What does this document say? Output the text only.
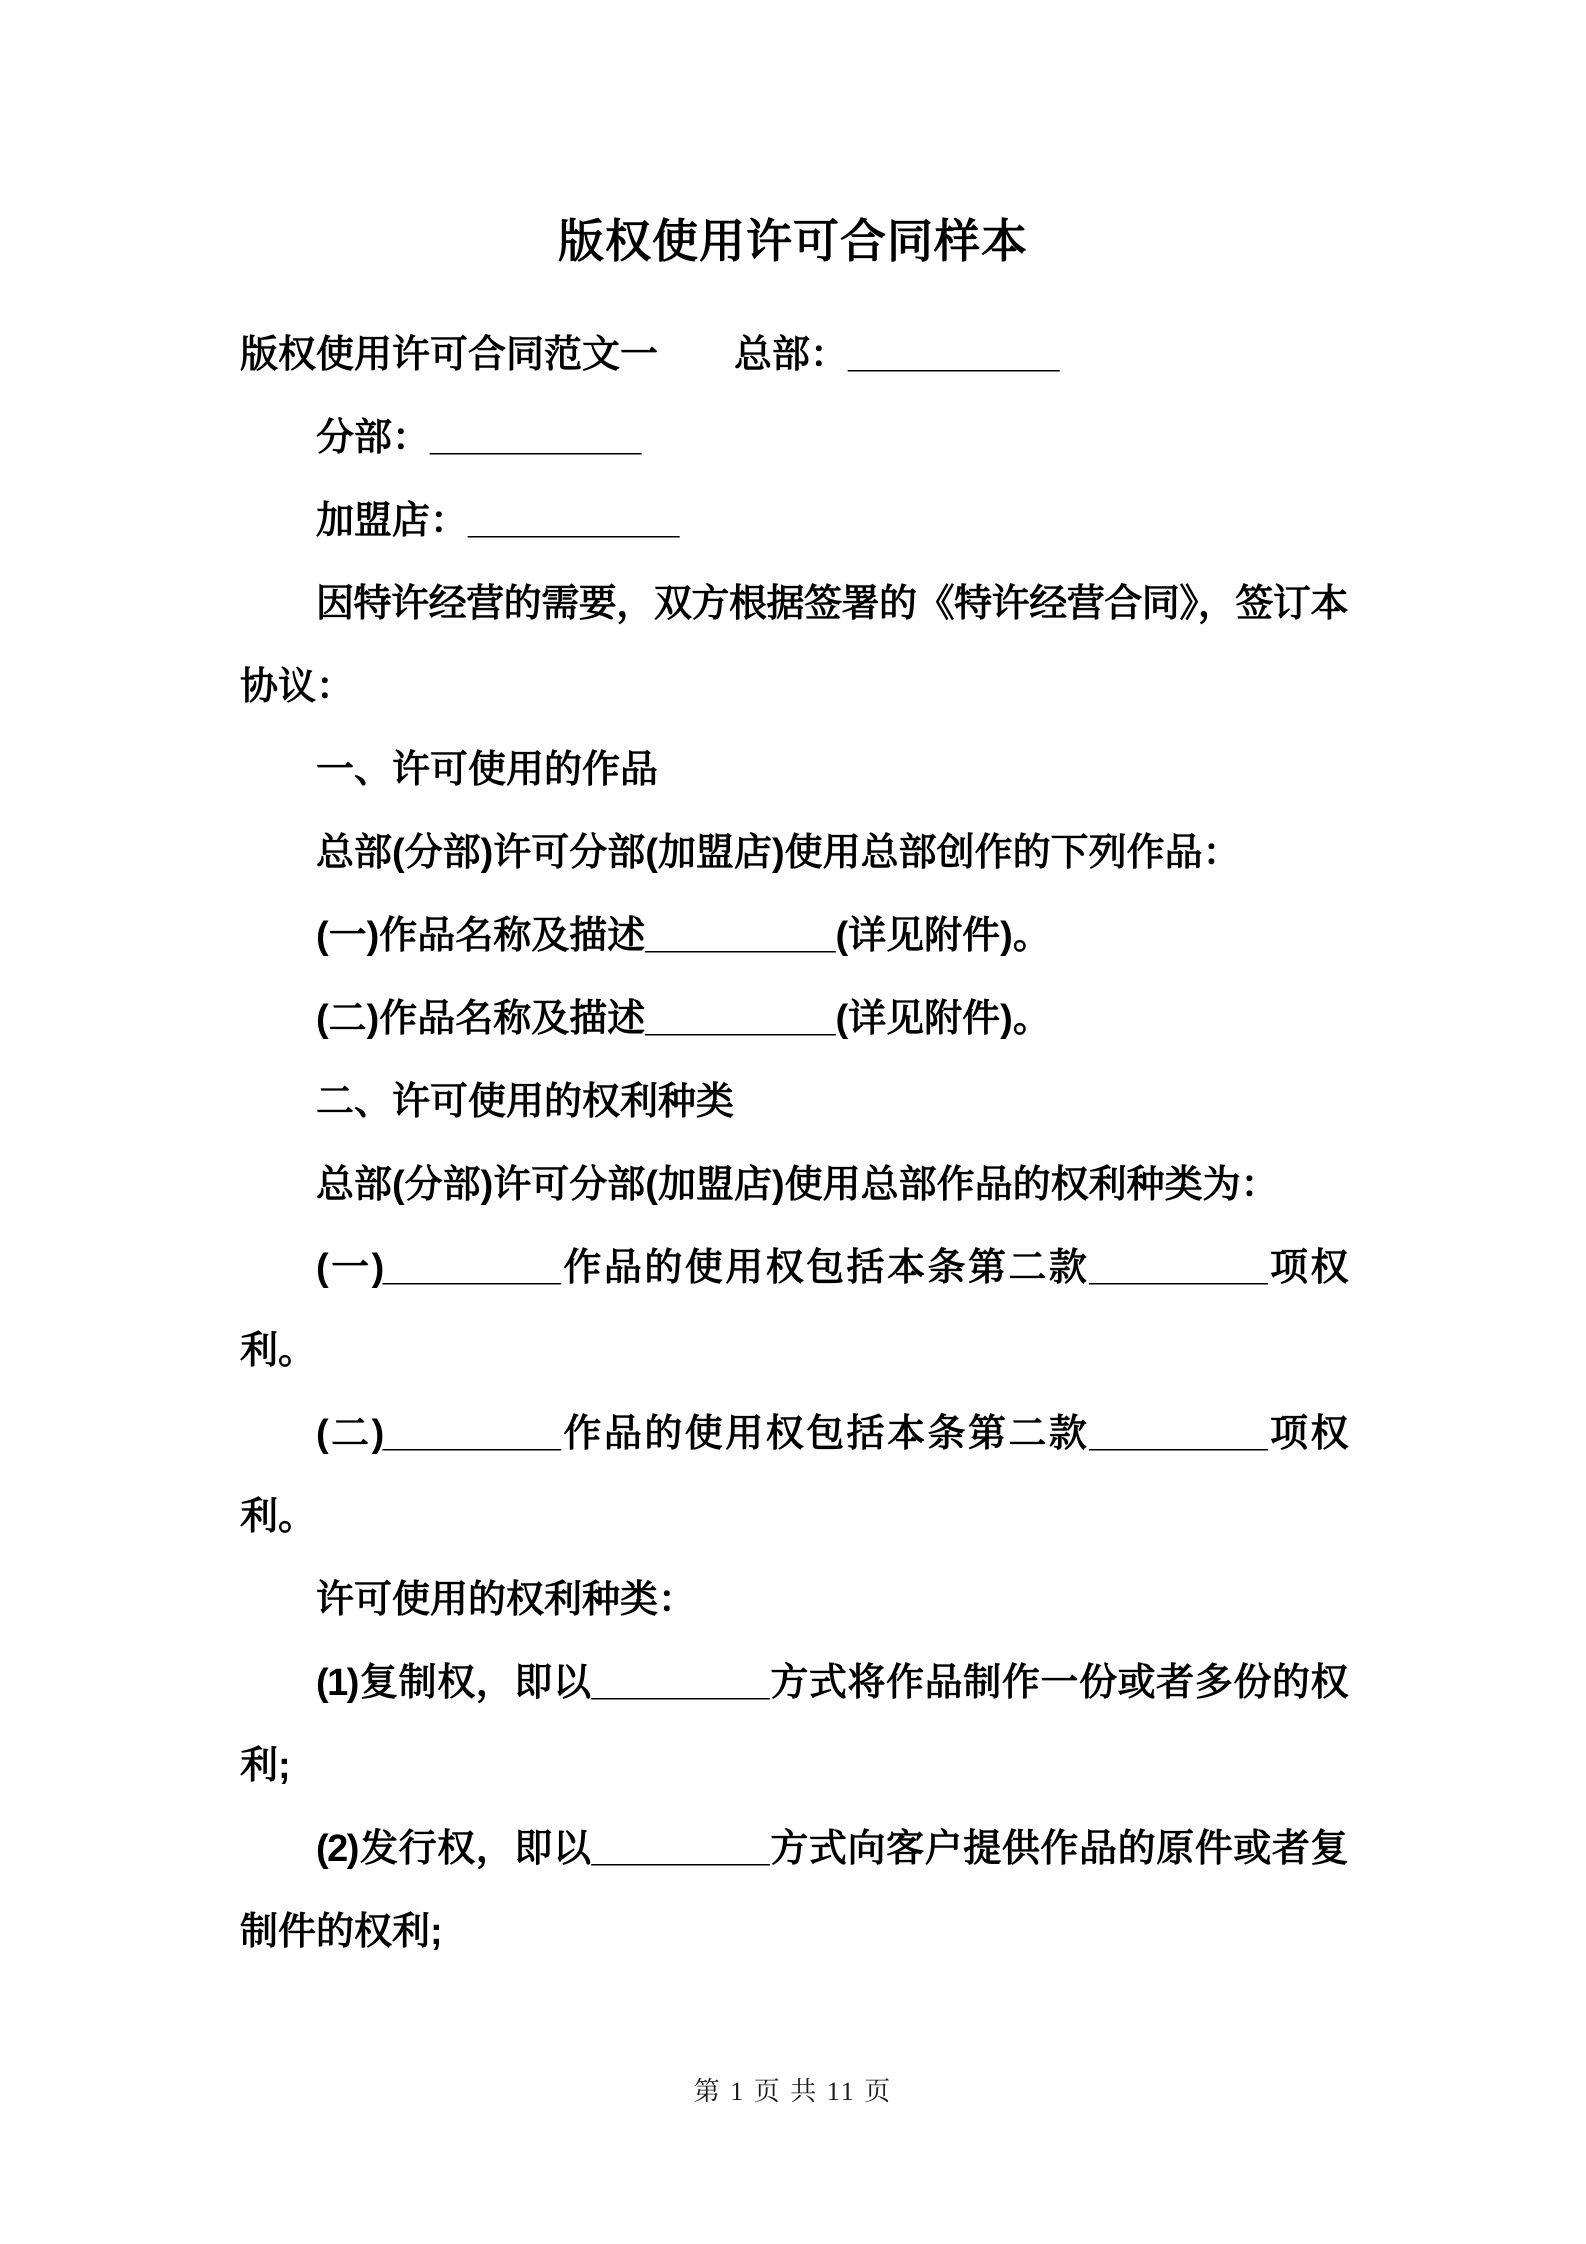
版权使用许可合同样本
版权使用许可合同范文一　　总部：__________
分部：__________
加盟店：__________
因特许经营的需要，双方根据签署的《特许经营合同》，签订本
协议：
一、许可使用的作品
总部(分部)许可分部(加盟店)使用总部创作的下列作品：
(一)作品名称及描述_________(详见附件)。
(二)作品名称及描述_________(详见附件)。
二、许可使用的权利种类
总部(分部)许可分部(加盟店)使用总部作品的权利种类为：
(一)_________作品的使用权包括本条第二款_________项权
利。
(二)_________作品的使用权包括本条第二款_________项权
利。
许可使用的权利种类：
(1)复制权，即以_________方式将作品制作一份或者多份的权
利;
(2)发行权，即以_________方式向客户提供作品的原件或者复
制件的权利;
第 1 页 共 11 页
